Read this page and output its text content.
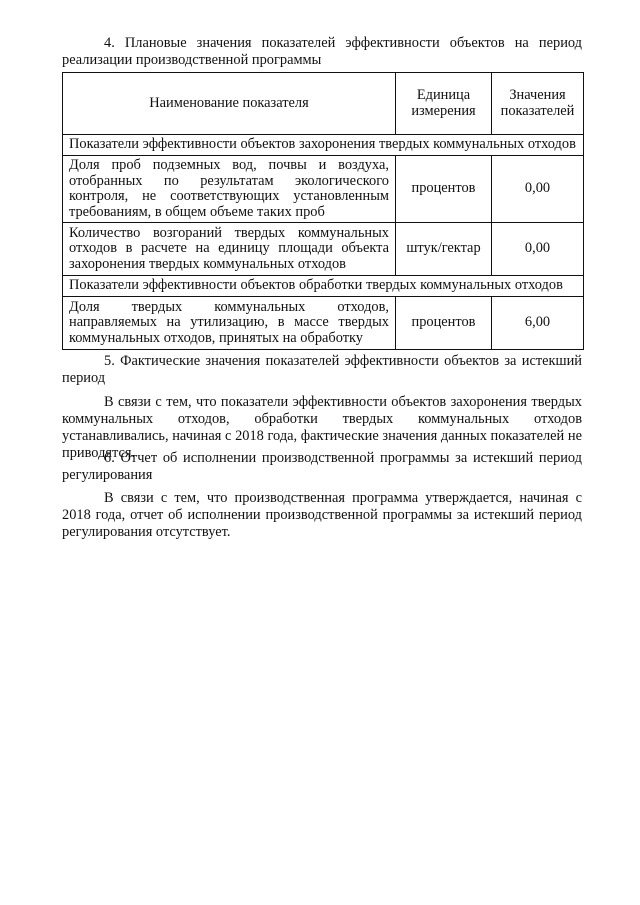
4. Плановые значения показателей эффективности объектов на период реализации производственной программы

Наименование показателя	Единица измерения	Значения показателей
Показатели эффективности объектов захоронения твердых коммунальных отходов		
Доля проб подземных вод, почвы и воздуха, отобранных по результатам экологического контроля, не соответствующих установленным требованиям, в общем объеме таких проб	процентов	0,00
Количество возгораний твердых коммунальных отходов в расчете на единицу площади объекта захоронения твердых коммунальных отходов	штук/гектар	0,00
Показатели эффективности объектов обработки твердых коммунальных отходов		
Доля твердых коммунальных отходов, направляемых на утилизацию, в массе твердых коммунальных отходов, принятых на обработку	процентов	6,00

5. Фактические значения показателей эффективности объектов за истекший период

В связи с тем, что показатели эффективности объектов захоронения твердых коммунальных отходов, обработки твердых коммунальных отходов устанавливались, начиная с 2018 года, фактические значения данных показателей не приводятся.

6. Отчет об исполнении производственной программы за истекший период регулирования

В связи с тем, что производственная программа утверждается, начиная с 2018 года, отчет об исполнении производственной программы за истекший период регулирования отсутствует.
